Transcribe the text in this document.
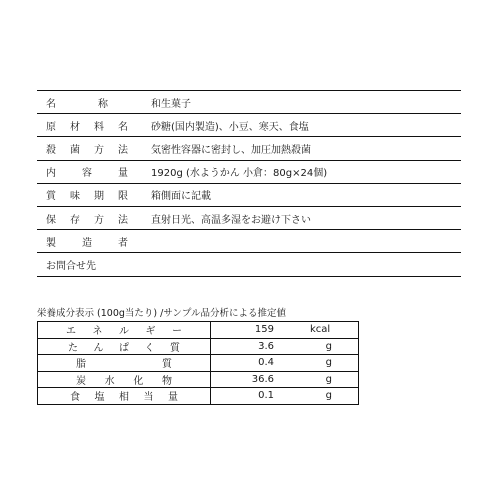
名 称	和生菓子

原 材 料 名	砂糖(国内製造)、小豆、寒天、食塩

殺 菌 方 法	気密性容器に密封し、加圧加熱殺菌

内 容 量	1920g (水ようかん 小倉：80g×24個)

賞 味 期 限	箱側面に記載

保 存 方 法	直射日光、高温多湿をお避け下さい

製 造 者	

お 問 合 せ 先	

栄養成分表示 (100g当たり) /サンプル品分析による推定値
エ ネ ル ギ ー	159 kcal

た ん ぱ く 質	3.6 g

脂 質	0.4 g

炭 水 化 物	36.6 g

食 塩 相 当 量	0.1 g
